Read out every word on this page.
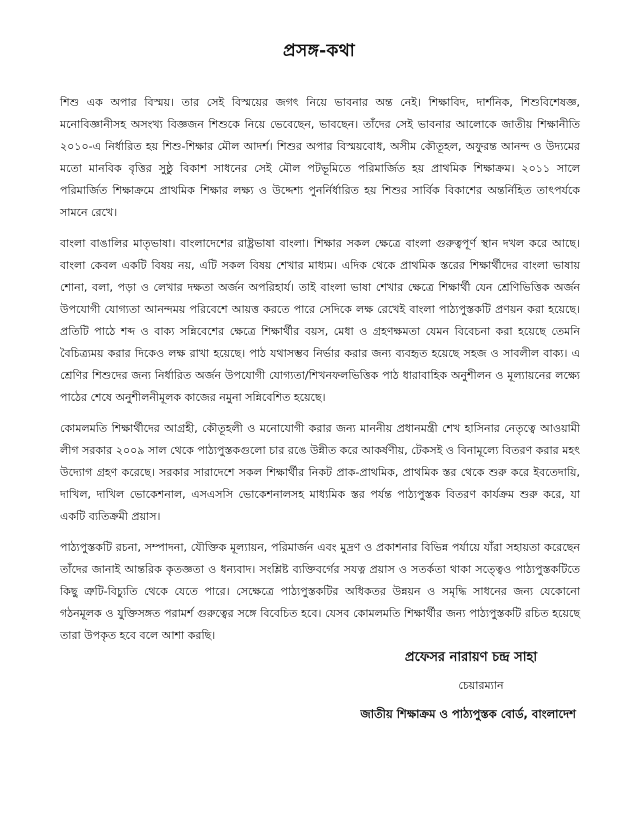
প্রসঙ্গ-কথা

শিশু এক অপার বিস্ময়। তার সেই বিস্ময়ের জগৎ নিয়ে ভাবনার অন্ত নেই। শিক্ষাবিদ, দার্শনিক, শিশুবিশেষজ্ঞ, মনোবিজ্ঞানীসহ অসংখ্য বিজ্ঞজন শিশুকে নিয়ে ভেবেছেন, ভাবছেন। তাঁদের সেই ভাবনার আলোকে জাতীয় শিক্ষানীতি ২০১০-এ নির্ধারিত হয় শিশু-শিক্ষার মৌল আদর্শ। শিশুর অপার বিস্ময়বোধ, অসীম কৌতূহল, অফুরন্ত আনন্দ ও উদ্যমের মতো মানবিক বৃত্তির সুষ্ঠু বিকাশ সাধনের সেই মৌল পটভূমিতে পরিমার্জিত হয় প্রাথমিক শিক্ষাক্রম। ২০১১ সালে পরিমার্জিত শিক্ষাক্রমে প্রাথমিক শিক্ষার লক্ষ্য ও উদ্দেশ্য পুনর্নির্ধারিত হয় শিশুর সার্বিক বিকাশের অন্তর্নিহিত তাৎপর্যকে সামনে রেখে।

বাংলা বাঙালির মাতৃভাষা। বাংলাদেশের রাষ্ট্রভাষা বাংলা। শিক্ষার সকল ক্ষেত্রে বাংলা গুরুত্বপূর্ণ স্থান দখল করে আছে। বাংলা কেবল একটি বিষয় নয়, এটি সকল বিষয় শেখার মাধ্যম। এদিক থেকে প্রাথমিক স্তরের শিক্ষার্থীদের বাংলা ভাষায় শোনা, বলা, পড়া ও লেখার দক্ষতা অর্জন অপরিহার্য। তাই বাংলা ভাষা শেখার ক্ষেত্রে শিক্ষার্থী যেন শ্রেণিভিত্তিক অর্জন উপযোগী যোগ্যতা আনন্দময় পরিবেশে আয়ত্ত করতে পারে সেদিকে লক্ষ রেখেই বাংলা পাঠ্যপুস্তকটি প্রণয়ন করা হয়েছে। প্রতিটি পাঠে শব্দ ও বাক্য সন্নিবেশের ক্ষেত্রে শিক্ষার্থীর বয়স, মেধা ও গ্রহণক্ষমতা যেমন বিবেচনা করা হয়েছে তেমনি বৈচিত্র্যময় করার দিকেও লক্ষ রাখা হয়েছে। পাঠ যথাসম্ভব নির্ভার করার জন্য ব্যবহৃত হয়েছে সহজ ও সাবলীল বাক্য। এ শ্রেণির শিশুদের জন্য নির্ধারিত অর্জন উপযোগী যোগ্যতা/শিখনফলভিত্তিক পাঠ ধারাবাহিক অনুশীলন ও মূল্যায়নের লক্ষ্যে পাঠের শেষে অনুশীলনীমূলক কাজের নমুনা সন্নিবেশিত হয়েছে।

কোমলমতি শিক্ষার্থীদের আগ্রহী, কৌতূহলী ও মনোযোগী করার জন্য মাননীয় প্রধানমন্ত্রী শেখ হাসিনার নেতৃত্বে আওয়ামী লীগ সরকার ২০০৯ সাল থেকে পাঠ্যপুস্তকগুলো চার রঙে উন্নীত করে আকর্ষণীয়, টেকসই ও বিনামূল্যে বিতরণ করার মহৎ উদ্যোগ গ্রহণ করেছে। সরকার সারাদেশে সকল শিক্ষার্থীর নিকট প্রাক-প্রাথমিক, প্রাথমিক স্তর থেকে শুরু করে ইবতেদায়ি, দাখিল, দাখিল ভোকেশনাল, এসএসসি ভোকেশনালসহ মাধ্যমিক স্তর পর্যন্ত পাঠ্যপুস্তক বিতরণ কার্যক্রম শুরু করে, যা একটি ব্যতিক্রমী প্রয়াস।

পাঠ্যপুস্তকটি রচনা, সম্পাদনা, যৌক্তিক মূল্যায়ন, পরিমার্জন এবং মুদ্রণ ও প্রকাশনার বিভিন্ন পর্যায়ে যাঁরা সহায়তা করেছেন তাঁদের জানাই আন্তরিক কৃতজ্ঞতা ও ধন্যবাদ। সংশ্লিষ্ট ব্যক্তিবর্গের সযত্ন প্রয়াস ও সতর্কতা থাকা সত্ত্বেও পাঠ্যপুস্তকটিতে কিছু ত্রুটি-বিচ্যুতি থেকে যেতে পারে। সেক্ষেত্রে পাঠ্যপুস্তকটির অধিকতর উন্নয়ন ও সমৃদ্ধি সাধনের জন্য যেকোনো গঠনমূলক ও যুক্তিসঙ্গত পরামর্শ গুরুত্বের সঙ্গে বিবেচিত হবে। যেসব কোমলমতি শিক্ষার্থীর জন্য পাঠ্যপুস্তকটি রচিত হয়েছে তারা উপকৃত হবে বলে আশা করছি।

প্রফেসর নারায়ণ চন্দ্র সাহা
চেয়ারম্যান
জাতীয় শিক্ষাক্রম ও পাঠ্যপুস্তক বোর্ড, বাংলাদেশ
